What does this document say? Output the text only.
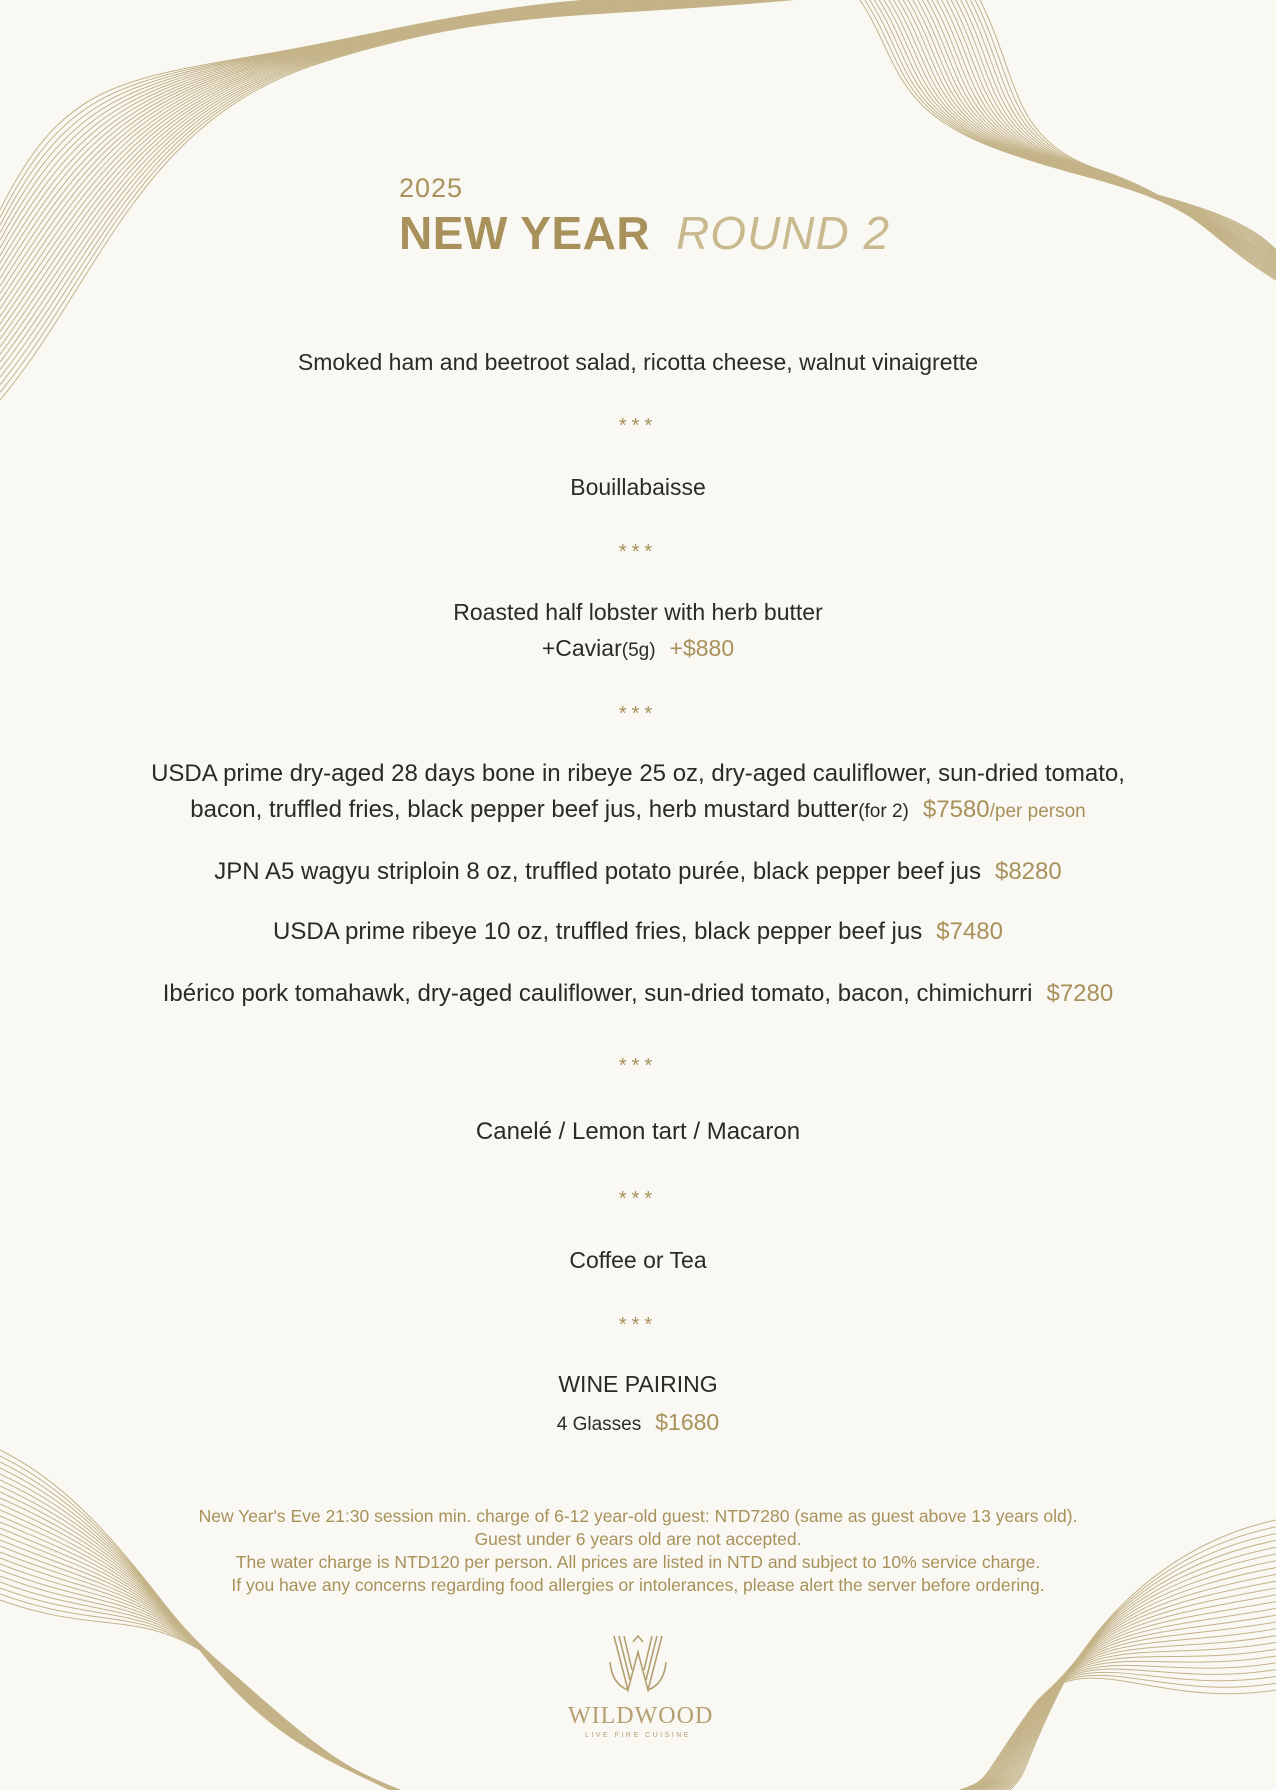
2025
NEW YEAR ROUND 2
Smoked ham and beetroot salad, ricotta cheese, walnut vinaigrette
***
Bouillabaisse
***
Roasted half lobster with herb butter
+Caviar(5g) +$880
***
USDA prime dry-aged 28 days bone in ribeye 25 oz, dry-aged cauliflower, sun-dried tomato,
bacon, truffled fries, black pepper beef jus, herb mustard butter(for 2) $7580/per person
JPN A5 wagyu striploin 8 oz, truffled potato purée, black pepper beef jus $8280
USDA prime ribeye 10 oz, truffled fries, black pepper beef jus $7480
Ibérico pork tomahawk, dry-aged cauliflower, sun-dried tomato, bacon, chimichurri $7280
***
Canelé / Lemon tart / Macaron
***
Coffee or Tea
***
WINE PAIRING
4 Glasses $1680
New Year's Eve 21:30 session min. charge of 6-12 year-old guest: NTD7280 (same as guest above 13 years old).
Guest under 6 years old are not accepted.
The water charge is NTD120 per person. All prices are listed in NTD and subject to 10% service charge.
If you have any concerns regarding food allergies or intolerances, please alert the server before ordering.
WILDWOOD
LIVE FIRE CUISINE
